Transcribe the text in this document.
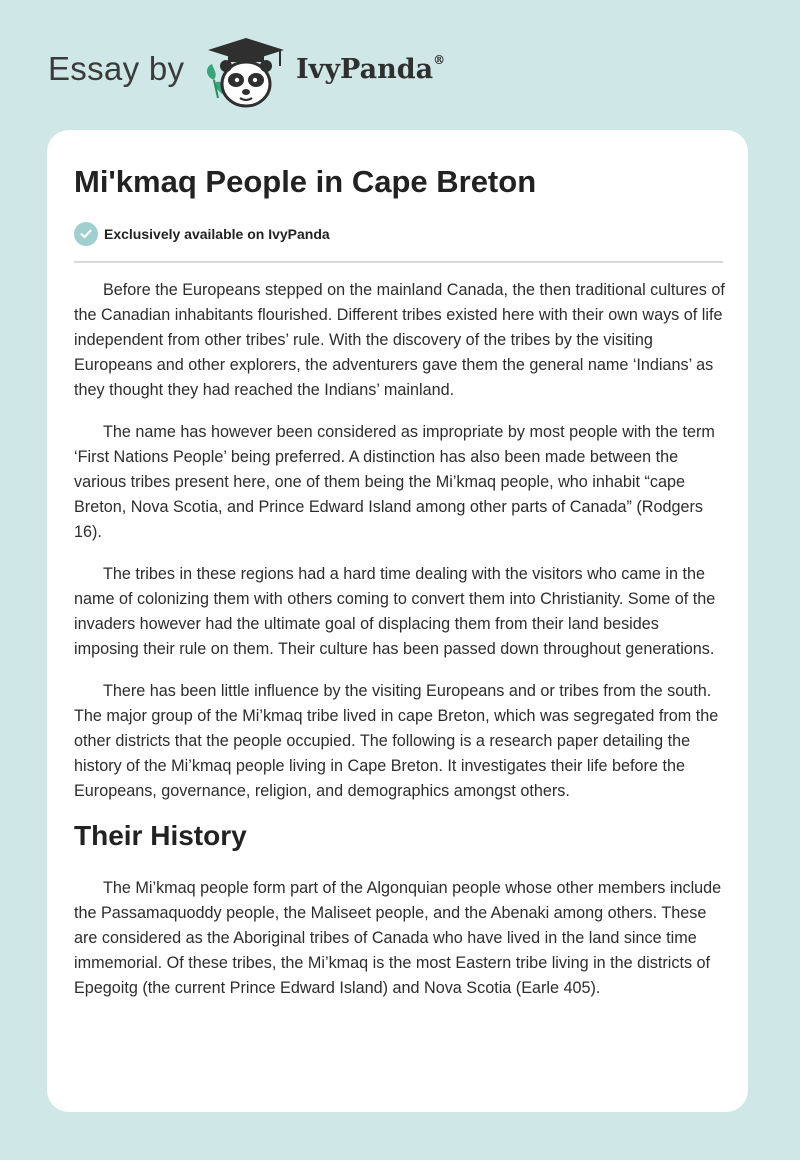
Essay by	IvyPanda®
Mi'kmaq People in Cape Breton
Exclusively available on IvyPanda

Before the Europeans stepped on the mainland Canada, the then traditional cultures of the Canadian inhabitants flourished. Different tribes existed here with their own ways of life independent from other tribes’ rule. With the discovery of the tribes by the visiting Europeans and other explorers, the adventurers gave them the general name ‘Indians’ as they thought they had reached the Indians’ mainland.

The name has however been considered as impropriate by most people with the term ‘First Nations People’ being preferred. A distinction has also been made between the various tribes present here, one of them being the Mi’kmaq people, who inhabit “cape Breton, Nova Scotia, and Prince Edward Island among other parts of Canada” (Rodgers 16).

The tribes in these regions had a hard time dealing with the visitors who came in the name of colonizing them with others coming to convert them into Christianity. Some of the invaders however had the ultimate goal of displacing them from their land besides imposing their rule on them. Their culture has been passed down throughout generations.

There has been little influence by the visiting Europeans and or tribes from the south. The major group of the Mi’kmaq tribe lived in cape Breton, which was segregated from the other districts that the people occupied. The following is a research paper detailing the history of the Mi’kmaq people living in Cape Breton. It investigates their life before the Europeans, governance, religion, and demographics amongst others.

Their History

The Mi’kmaq people form part of the Algonquian people whose other members include the Passamaquoddy people, the Maliseet people, and the Abenaki among others. These are considered as the Aboriginal tribes of Canada who have lived in the land since time immemorial. Of these tribes, the Mi’kmaq is the most Eastern tribe living in the districts of Epegoitg (the current Prince Edward Island) and Nova Scotia (Earle 405).
